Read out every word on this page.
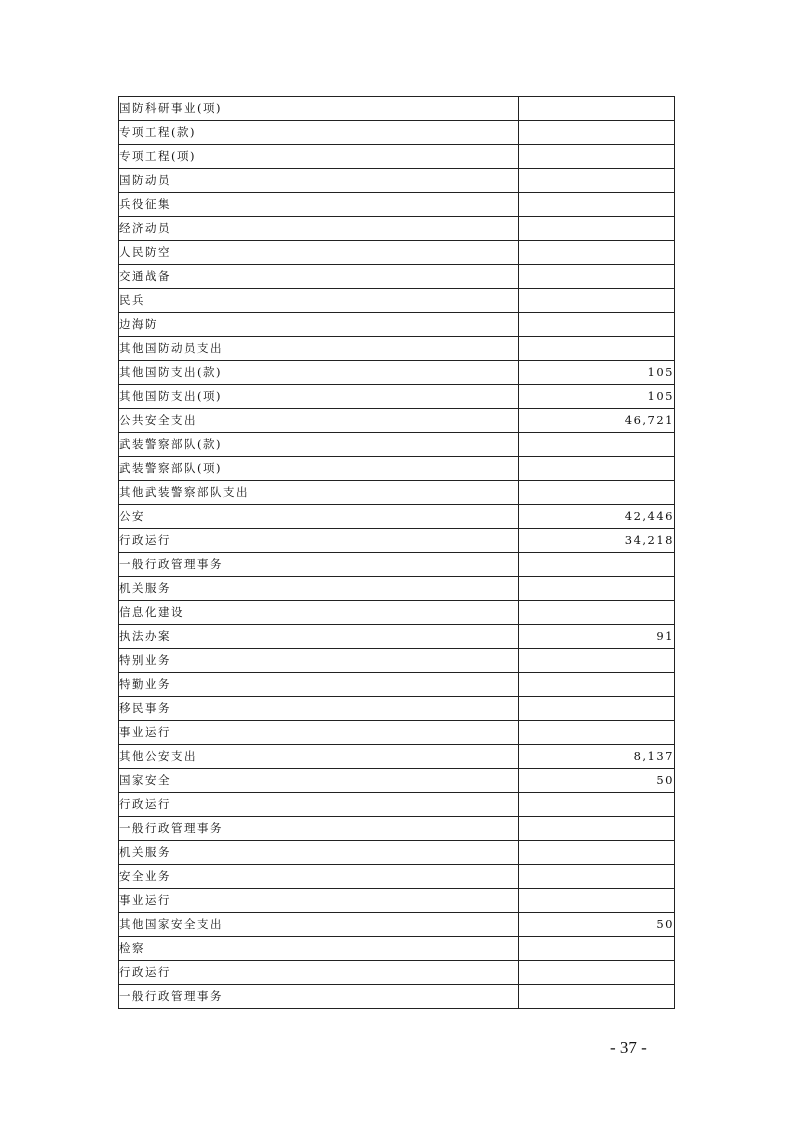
国防科研事业(项)	
专项工程(款)	
专项工程(项)	
国防动员	
兵役征集	
经济动员	
人民防空	
交通战备	
民兵	
边海防	
其他国防动员支出	
其他国防支出(款)	105
其他国防支出(项)	105
公共安全支出	46,721
武装警察部队(款)	
武装警察部队(项)	
其他武装警察部队支出	
公安	42,446
行政运行	34,218
一般行政管理事务	
机关服务	
信息化建设	
执法办案	91
特别业务	
特勤业务	
移民事务	
事业运行	
其他公安支出	8,137
国家安全	50
行政运行	
一般行政管理事务	
机关服务	
安全业务	
事业运行	
其他国家安全支出	50
检察	
行政运行	
一般行政管理事务	
- 37 -
